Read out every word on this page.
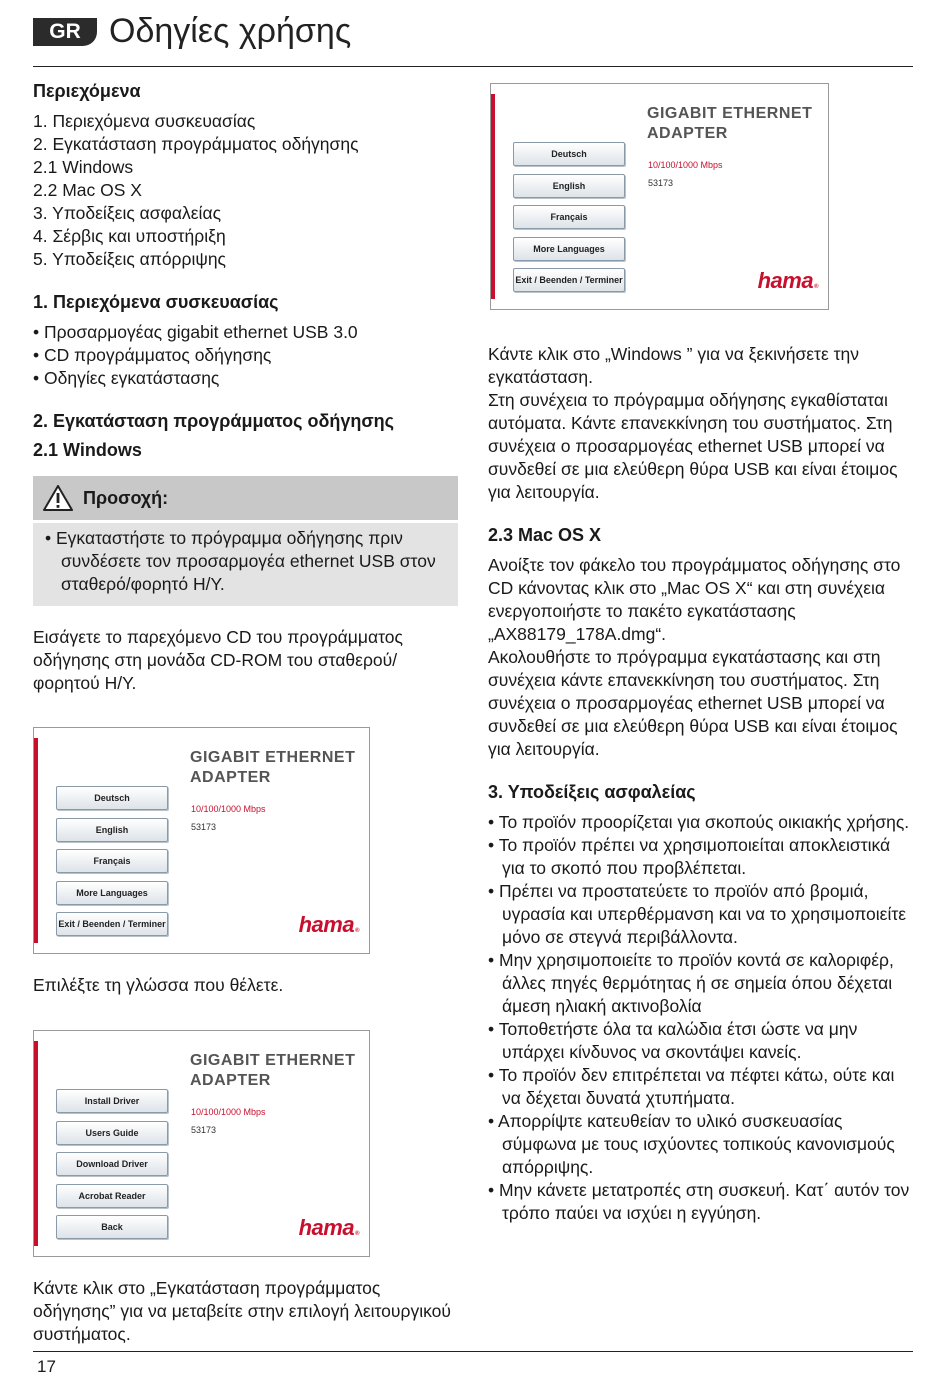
GR Οδηγίες χρήσης

Περιεχόμενα

1. Περιεχόμενα συσκευασίας
2. Εγκατάσταση προγράμματος οδήγησης
2.1 Windows
2.2 Mac OS X
3. Υποδείξεις ασφαλείας
4. Σέρβις και υποστήριξη
5. Υποδείξεις απόρριψης

1. Περιεχόμενα συσκευασίας

• Προσαρμογέας gigabit ethernet USB 3.0
• CD προγράμματος οδήγησης
• Οδηγίες εγκατάστασης

2. Εγκατάσταση προγράμματος οδήγησης

2.1 Windows

Προσοχή:
• Εγκαταστήστε το πρόγραμμα οδήγησης πριν συνδέσετε τον προσαρμογέα ethernet USB στον σταθερό/φορητό Η/Υ.

Εισάγετε το παρεχόμενο CD του προγράμματος οδήγησης στη μονάδα CD-ROM του σταθερού/φορητού Η/Υ.

GIGABIT ETHERNET
ADAPTER
10/100/1000 Mbps
53173
Deutsch
English
Français
More Languages
Exit / Beenden / Terminer	hama®

Επιλέξτε τη γλώσσα που θέλετε.

GIGABIT ETHERNET
ADAPTER
10/100/1000 Mbps
53173
Install Driver
Users Guide
Download Driver
Acrobat Reader
Back	hama®

Κάντε κλικ στο „Εγκατάσταση προγράμματος οδήγησης” για να μεταβείτε στην επιλογή λειτουργικού συστήματος.

GIGABIT ETHERNET
ADAPTER
10/100/1000 Mbps
53173
Deutsch
English
Français
More Languages
Exit / Beenden / Terminer	hama®

Κάντε κλικ στο „Windows ” για να ξεκινήσετε την εγκατάσταση.

Στη συνέχεια το πρόγραμμα οδήγησης εγκαθίσταται αυτόματα. Κάντε επανεκκίνηση του συστήματος. Στη συνέχεια ο προσαρμογέας ethernet USB μπορεί να συνδεθεί σε μια ελεύθερη θύρα USB και είναι έτοιμος για λειτουργία.

2.3 Mac OS X

Ανοίξτε τον φάκελο του προγράμματος οδήγησης στο CD κάνοντας κλικ στο „Mac OS X“ και στη συνέχεια ενεργοποιήστε το πακέτο εγκατάστασης „AX88179_178A.dmg“.

Ακολουθήστε το πρόγραμμα εγκατάστασης και στη συνέχεια κάντε επανεκκίνηση του συστήματος. Στη συνέχεια ο προσαρμογέας ethernet USB μπορεί να συνδεθεί σε μια ελεύθερη θύρα USB και είναι έτοιμος για λειτουργία.

3. Υποδείξεις ασφαλείας

• Το προϊόν προορίζεται για σκοπούς οικιακής χρήσης.
• Το προϊόν πρέπει να χρησιμοποιείται αποκλειστικά για το σκοπό που προβλέπεται.
• Πρέπει να προστατεύετε το προϊόν από βρομιά, υγρασία και υπερθέρμανση και να το χρησιμοποιείτε μόνο σε στεγνά περιβάλλοντα.
• Μην χρησιμοποιείτε το προϊόν κοντά σε καλοριφέρ, άλλες πηγές θερμότητας ή σε σημεία όπου δέχεται άμεση ηλιακή ακτινοβολία
• Τοποθετήστε όλα τα καλώδια έτσι ώστε να μην υπάρχει κίνδυνος να σκοντάψει κανείς.
• Το προϊόν δεν επιτρέπεται να πέφτει κάτω, ούτε και να δέχεται δυνατά χτυπήματα.
• Απορρίψτε κατευθείαν το υλικό συσκευασίας σύμφωνα με τους ισχύοντες τοπικούς κανονισμούς απόρριψης.
• Μην κάνετε μετατροπές στη συσκευή. Κατ΄ αυτόν τον τρόπο παύει να ισχύει η εγγύηση.
17
